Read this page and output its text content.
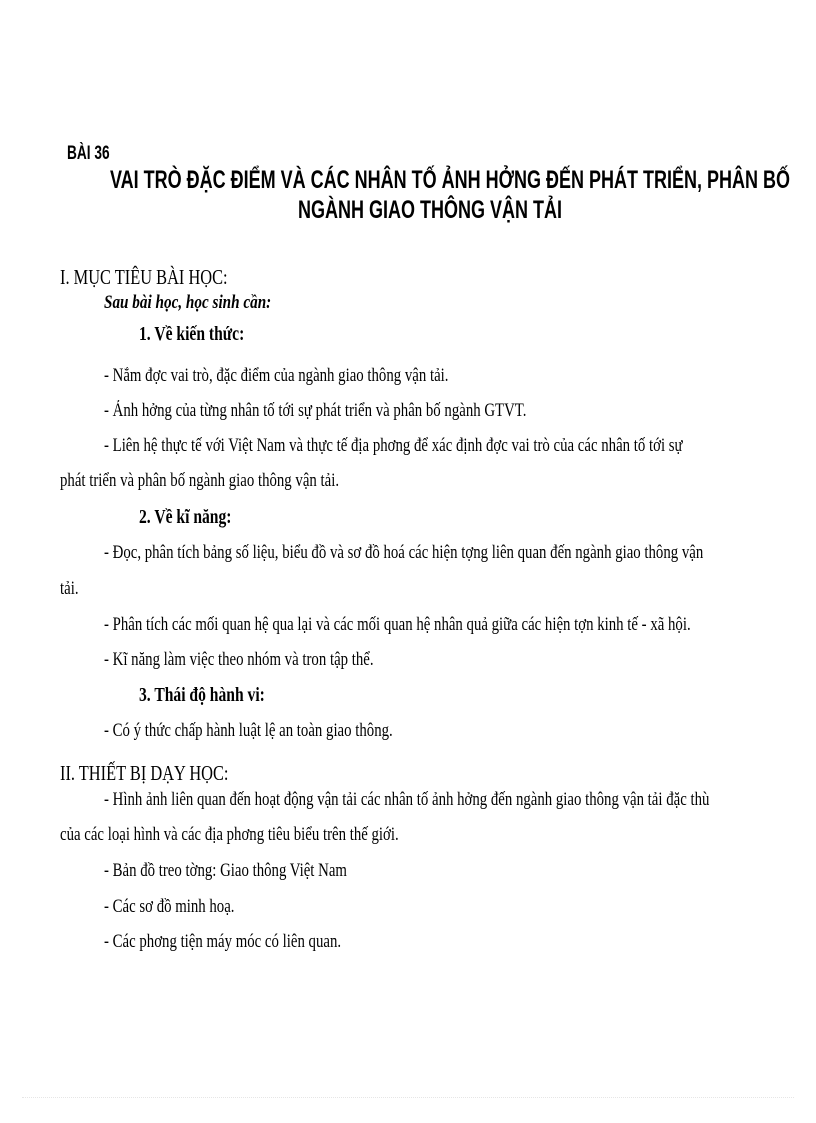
BÀI 36
VAI TRÒ ĐẶC ĐIỂM VÀ CÁC NHÂN TỐ ẢNH HỞNG ĐẾN PHÁT TRIỂN, PHÂN BỐ
NGÀNH GIAO THÔNG VẬN TẢI
I. MỤC TIÊU BÀI HỌC:
Sau bài học, học sinh cần:
1. Về kiến thức:
- Nắm đợc vai trò, đặc điểm của ngành giao thông vận tải.
- Ảnh hởng của từng nhân tố tới sự phát triển và phân bố ngành GTVT.
- Liên hệ thực tế với Việt Nam và thực tế địa phơng để xác định đợc vai trò của các nhân tố tới sự
phát triển và phân bố ngành giao thông vận tải.
2. Về kĩ năng:
- Đọc, phân tích bảng số liệu, biểu đồ và sơ đồ hoá các hiện tợng liên quan đến ngành giao thông vận
tải.
- Phân tích các mối quan hệ qua lại và các mối quan hệ nhân quả giữa các hiện tợn kinh tế - xã hội.
- Kĩ năng làm việc theo nhóm và tron tập thể.
3. Thái độ hành vi:
- Có ý thức chấp hành luật lệ an toàn giao thông.
II. THIẾT BỊ DẠY HỌC:
- Hình ảnh liên quan đến hoạt động vận tải các nhân tố ảnh hởng đến ngành giao thông vận tải đặc thù
của các loại hình và các địa phơng tiêu biểu trên thế giới.
- Bản đồ treo tờng: Giao thông Việt Nam
- Các sơ đồ minh hoạ.
- Các phơng tiện máy móc có liên quan.
